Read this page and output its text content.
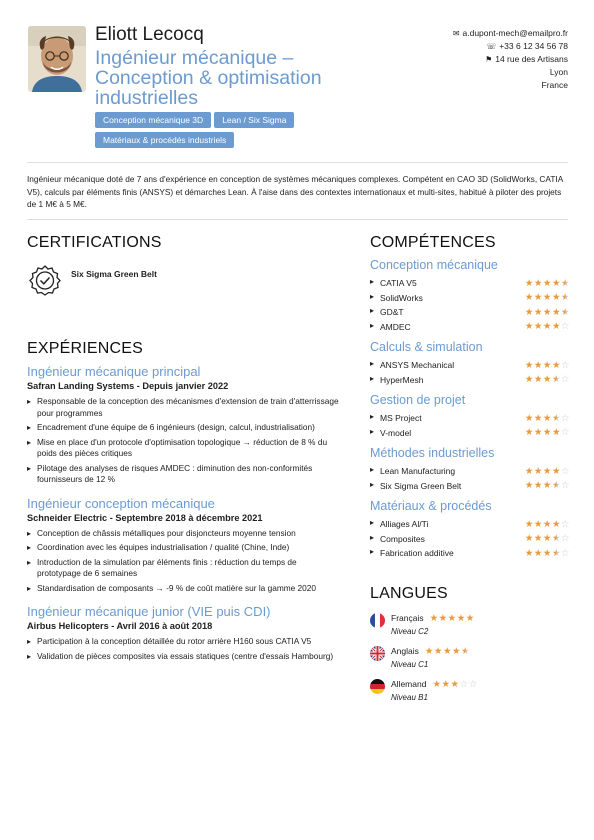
Eliott Lecocq
Ingénieur mécanique – Conception & optimisation industrielles
Conception mécanique 3D	Lean / Six Sigma
Matériaux & procédés industriels
✉ a.dupont-mech@emailpro.fr
☏ +33 6 12 34 56 78
⚑ 14 rue des Artisans
Lyon
France
Ingénieur mécanique doté de 7 ans d'expérience en conception de systèmes mécaniques complexes. Compétent en CAO 3D (SolidWorks, CATIA V5), calculs par éléments finis (ANSYS) et démarches Lean. À l'aise dans des contextes internationaux et multi-sites, habitué à piloter des projets de 1 M€ à 5 M€.
CERTIFICATIONS
Six Sigma Green Belt
EXPÉRIENCES
Ingénieur mécanique principal
Safran Landing Systems - Depuis janvier 2022
▸ Responsable de la conception des mécanismes d'extension de train d'atterrissage pour programmes
▸ Encadrement d'une équipe de 6 ingénieurs (design, calcul, industrialisation)
▸ Mise en place d'un protocole d'optimisation topologique → réduction de 8 % du poids des pièces critiques
▸ Pilotage des analyses de risques AMDEC : diminution des non-conformités fournisseurs de 12 %
Ingénieur conception mécanique
Schneider Electric - Septembre 2018 à décembre 2021
▸ Conception de châssis métalliques pour disjoncteurs moyenne tension
▸ Coordination avec les équipes industrialisation / qualité (Chine, Inde)
▸ Introduction de la simulation par éléments finis : réduction du temps de prototypage de 6 semaines
▸ Standardisation de composants → -9 % de coût matière sur la gamme 2020
Ingénieur mécanique junior (VIE puis CDI)
Airbus Helicopters - Avril 2016 à août 2018
▸ Participation à la conception détaillée du rotor arrière H160 sous CATIA V5
▸ Validation de pièces composites via essais statiques (centre d'essais Hambourg)
COMPÉTENCES
Conception mécanique
▸ CATIA V5	★★★★★
▸ SolidWorks	★★★★★
▸ GD&T	★★★★★
▸ AMDEC	★★★★☆
Calculs & simulation
▸ ANSYS Mechanical	★★★★☆
▸ HyperMesh	★★★★☆
Gestion de projet
▸ MS Project	★★★★☆
▸ V-model	★★★★☆
Méthodes industrielles
▸ Lean Manufacturing	★★★★☆
▸ Six Sigma Green Belt	★★★★☆
Matériaux & procédés
▸ Alliages Al/Ti	★★★★☆
▸ Composites	★★★★☆
▸ Fabrication additive	★★★★☆
LANGUES
Français ★★★★★
Niveau C2
Anglais ★★★★★
Niveau C1
Allemand ★★★☆☆
Niveau B1
